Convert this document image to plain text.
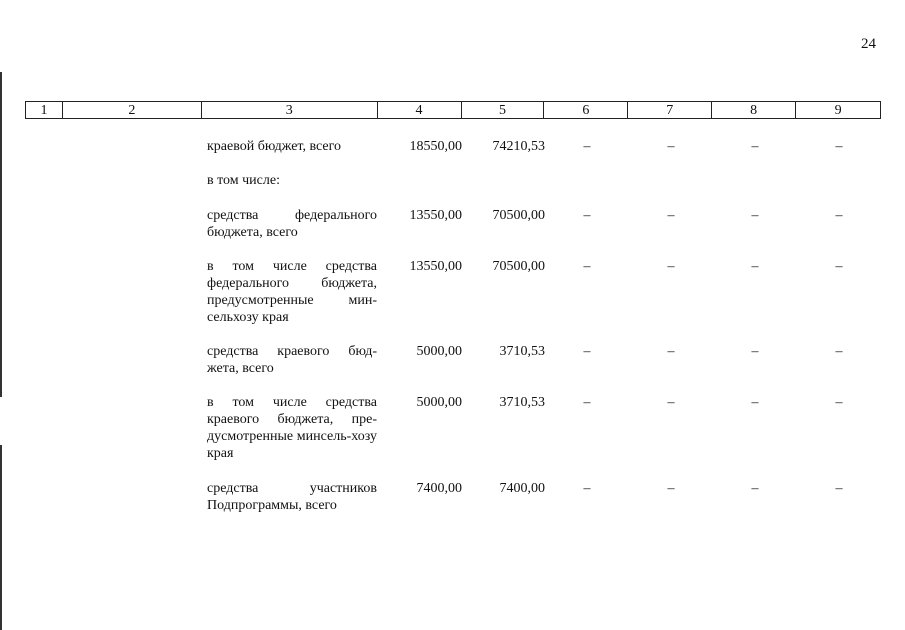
24
1	2	3	4	5	6	7	8	9
краевой бюджет, всего	18550,00	74210,53	–	–	–	–
в том числе:
средства федерального бюджета, всего
13550,00	70500,00	–	–	–	–
в том числе средства федерального бюджета, предусмотренные мин-сельхозу края
13550,00	70500,00	–	–	–	–
средства краевого бюд-жета, всего
5000,00	3710,53	–	–	–	–
в том числе средства краевого бюджета, пре-дусмотренные минсель-хозу края
5000,00	3710,53	–	–	–	–
средства участников Подпрограммы, всего
7400,00	7400,00	–	–	–	–
